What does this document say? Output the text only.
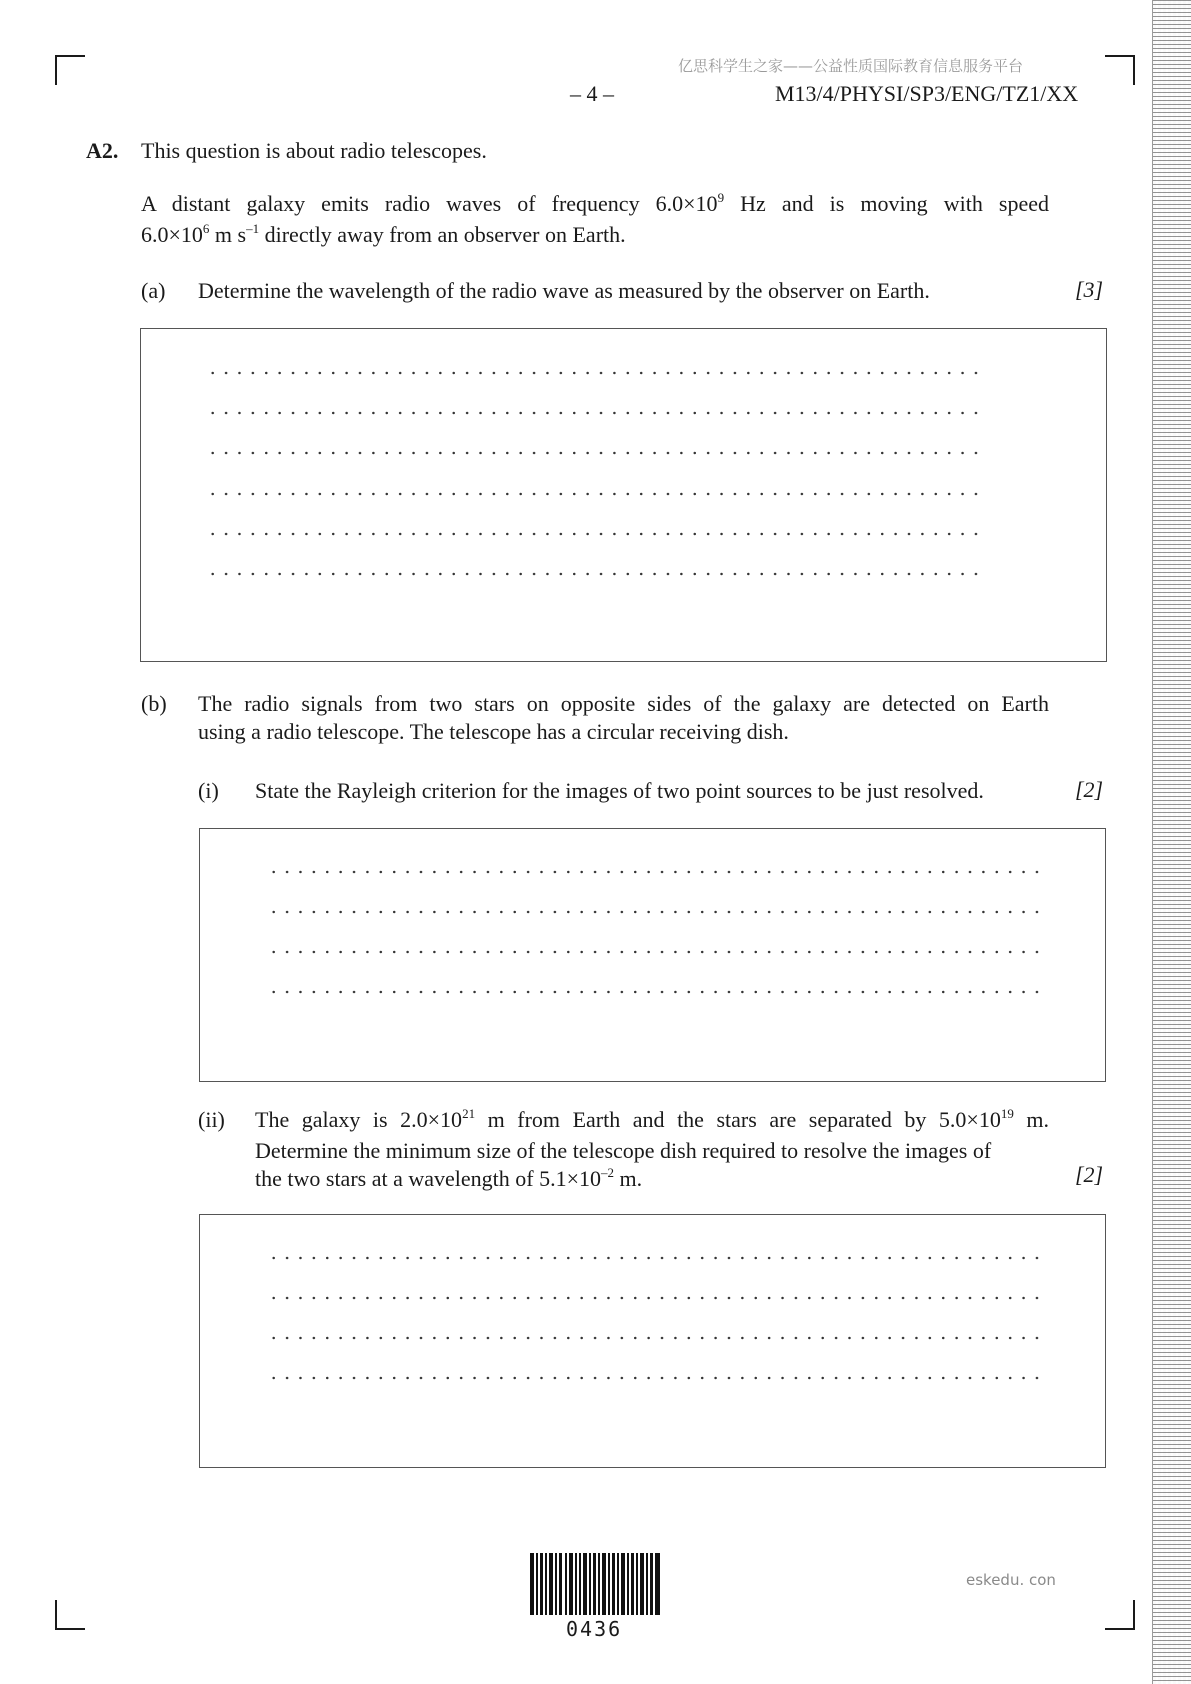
亿思科学生之家——公益性质国际教育信息服务平台
– 4 –	M13/4/PHYSI/SP3/ENG/TZ1/XX
A2. This question is about radio telescopes.
A distant galaxy emits radio waves of frequency $6.0\times 10^9$ Hz and is moving with speed
$6.0\times 10^6$ m $s^{-1}$ directly away from an observer on Earth.
(a) Determine the wavelength of the radio wave as measured by the observer on Earth.	[3]
(b) The radio signals from two stars on opposite sides of the galaxy are detected on Earth
using a radio telescope. The telescope has a circular receiving dish.
(i) State the Rayleigh criterion for the images of two point sources to be just resolved.	[2]
(ii) The galaxy is $2.0\times 10^{21}$ m from Earth and the stars are separated by $5.0\times 10^{19}$ m.
Determine the minimum size of the telescope dish required to resolve the images of
the two stars at a wavelength of $5.1\times 10^{-2}$ m.	[2]
0436
eskedu. con
